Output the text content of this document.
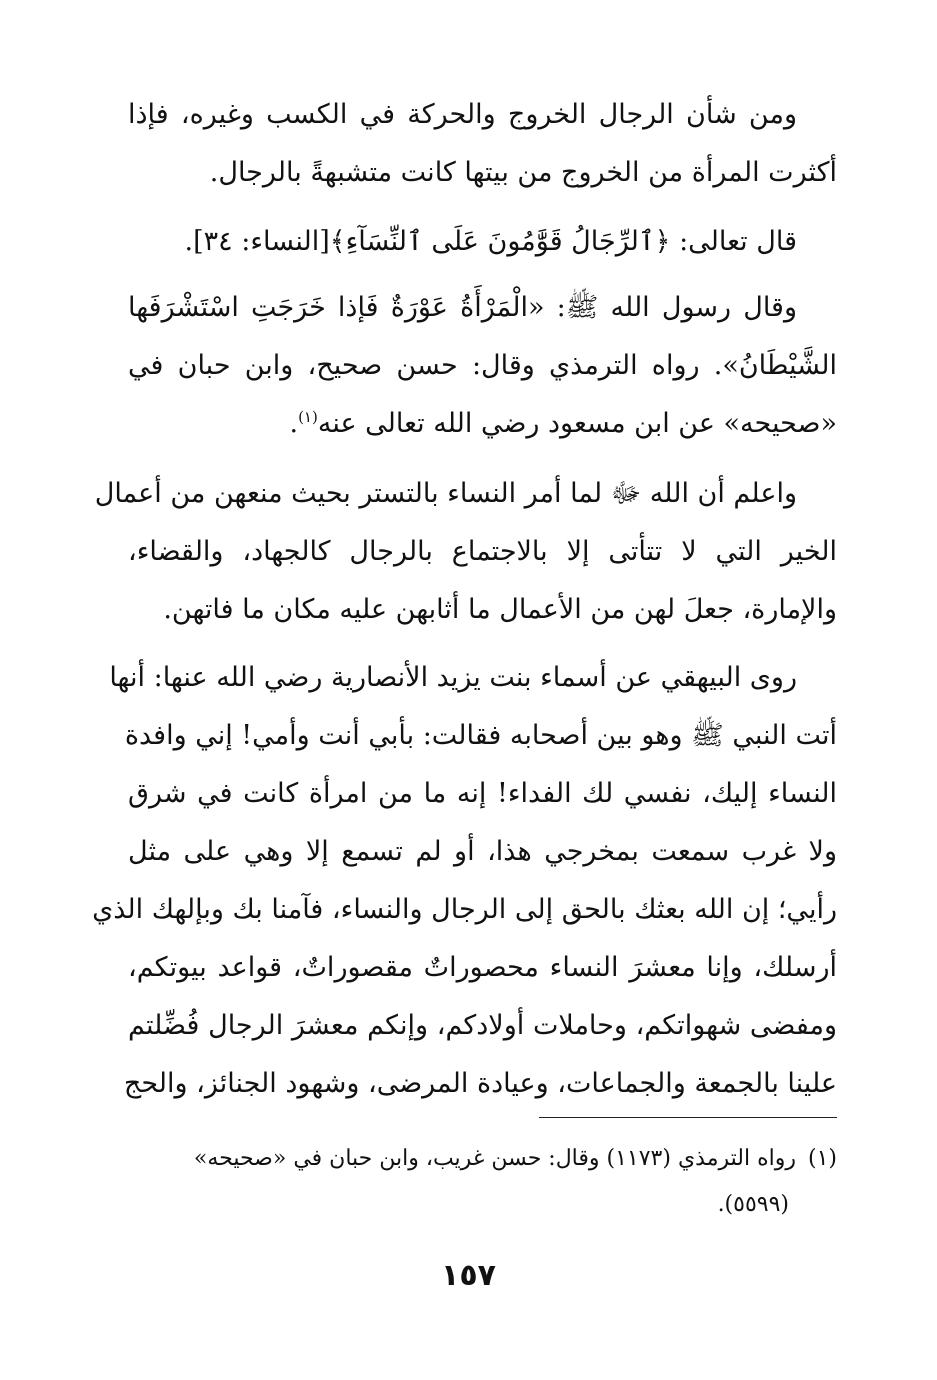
ومن شأن الرجال الخروج والحركة في الكسب وغيره، فإذا
أكثرت المرأة من الخروج من بيتها كانت متشبهةً بالرجال.
قال تعالى: ﴿ٱلرِّجَالُ قَوَّٰمُونَ عَلَى ٱلنِّسَآءِ﴾[النساء: ٣٤].
وقال رسول الله ﷺ: «الْمَرْأَةُ عَوْرَةٌ فَإذا خَرَجَتِ اسْتَشْرَفَها
الشَّيْطَانُ». رواه الترمذي وقال: حسن صحيح، وابن حبان في
«صحيحه» عن ابن مسعود رضي الله تعالى عنه$^{(١)}$.
واعلم أن الله ﷻ لما أمر النساء بالتستر بحيث منعهن من أعمال
الخير التي لا تتأتى إلا بالاجتماع بالرجال كالجهاد، والقضاء،
والإمارة، جعلَ لهن من الأعمال ما أثابهن عليه مكان ما فاتهن.
روى البيهقي عن أسماء بنت يزيد الأنصارية رضي الله عنها: أنها
أتت النبي ﷺ وهو بين أصحابه فقالت: بأبي أنت وأمي! إني وافدة
النساء إليك، نفسي لك الفداء! إنه ما من امرأة كانت في شرق
ولا غرب سمعت بمخرجي هذا، أو لم تسمع إلا وهي على مثل
رأيي؛ إن الله بعثك بالحق إلى الرجال والنساء، فآمنا بك وبإلهك الذي
أرسلك، وإنا معشرَ النساء محصوراتٌ مقصوراتٌ، قواعد بيوتكم،
ومفضى شهواتكم، وحاملات أولادكم، وإنكم معشرَ الرجال فُضِّلتم
علينا بالجمعة والجماعات، وعيادة المرضى، وشهود الجنائز، والحج
(١)رواه الترمذي (١١٧٣) وقال: حسن غريب، وابن حبان في «صحيحه»
(٥٥٩٩).
١٥٧
